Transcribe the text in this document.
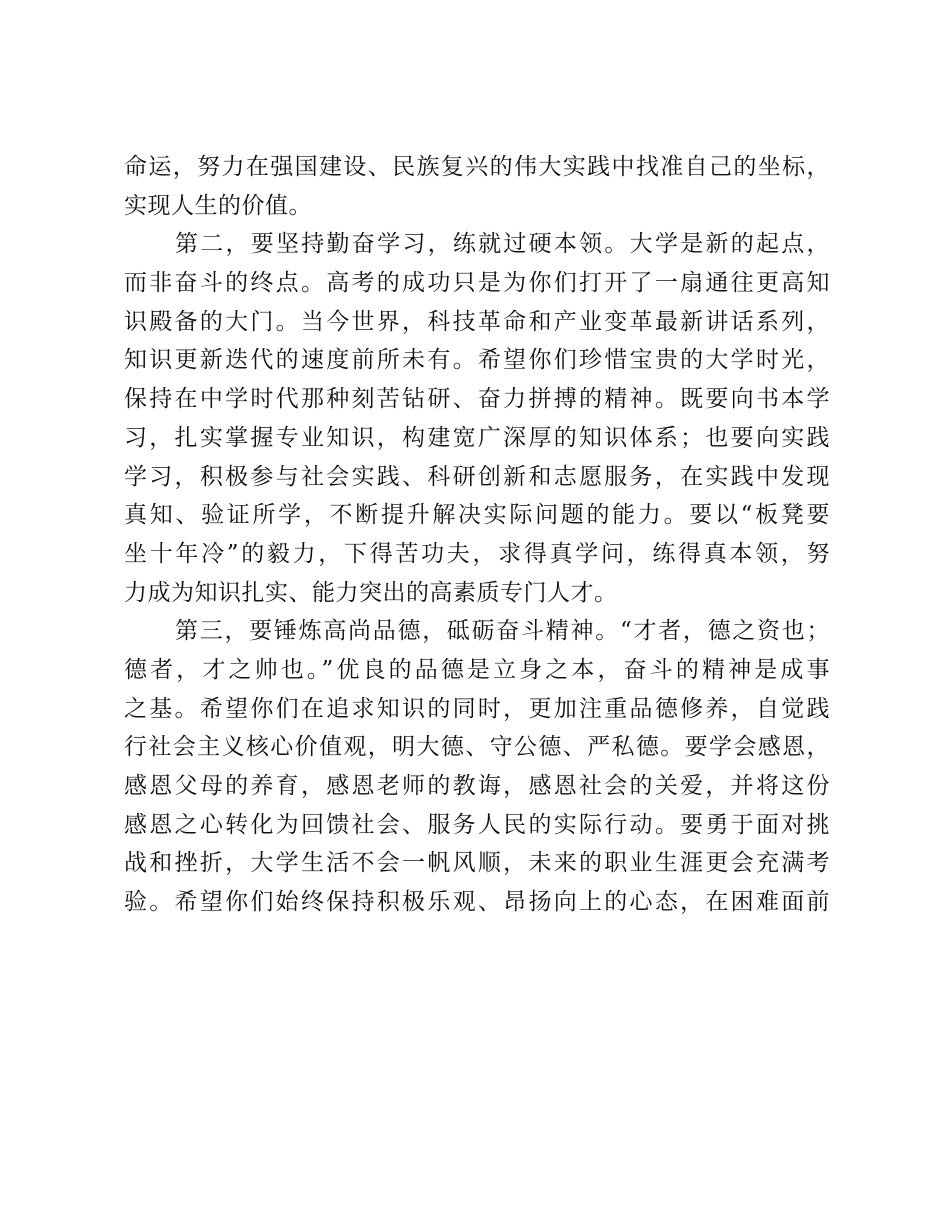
命运，努力在强国建设、民族复兴的伟大实践中找准自己的坐标，
实现人生的价值。
第二，要坚持勤奋学习，练就过硬本领。大学是新的起点，
而非奋斗的终点。高考的成功只是为你们打开了一扇通往更高知
识殿备的大门。当今世界，科技革命和产业变革最新讲话系列，
知识更新迭代的速度前所未有。希望你们珍惜宝贵的大学时光，
保持在中学时代那种刻苦钻研、奋力拼搏的精神。既要向书本学
习，扎实掌握专业知识，构建宽广深厚的知识体系；也要向实践
学习，积极参与社会实践、科研创新和志愿服务，在实践中发现
真知、验证所学，不断提升解决实际问题的能力。要以“板凳要
坐十年冷”的毅力，下得苦功夫，求得真学问，练得真本领，努
力成为知识扎实、能力突出的高素质专门人才。
第三，要锤炼高尚品德，砥砺奋斗精神。“才者，德之资也；
德者，才之帅也。”优良的品德是立身之本，奋斗的精神是成事
之基。希望你们在追求知识的同时，更加注重品德修养，自觉践
行社会主义核心价值观，明大德、守公德、严私德。要学会感恩，
感恩父母的养育，感恩老师的教诲，感恩社会的关爱，并将这份
感恩之心转化为回馈社会、服务人民的实际行动。要勇于面对挑
战和挫折，大学生活不会一帆风顺，未来的职业生涯更会充满考
验。希望你们始终保持积极乐观、昂扬向上的心态，在困难面前
